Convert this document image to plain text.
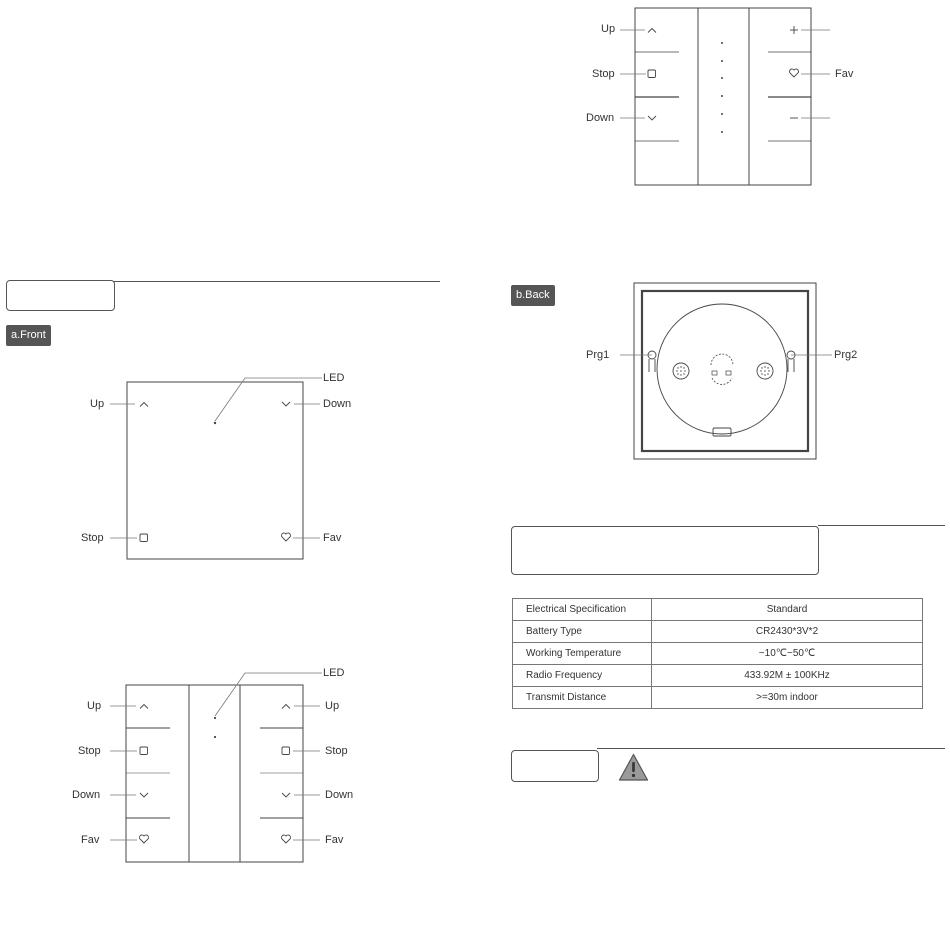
a.Front
LED
Up	Down
Stop	Fav
LED
Up
Stop
Down
Fav
Up
Stop
Down
Fav
Up
Stop
Down
Fav
b.Back
Prg1	Prg2
Electrical Specification	Standard
Battery Type	CR2430*3V*2
Working Temperature	−10℃−50℃
Radio Frequency	433.92M ± 100KHz
Transmit Distance	>=30m indoor
